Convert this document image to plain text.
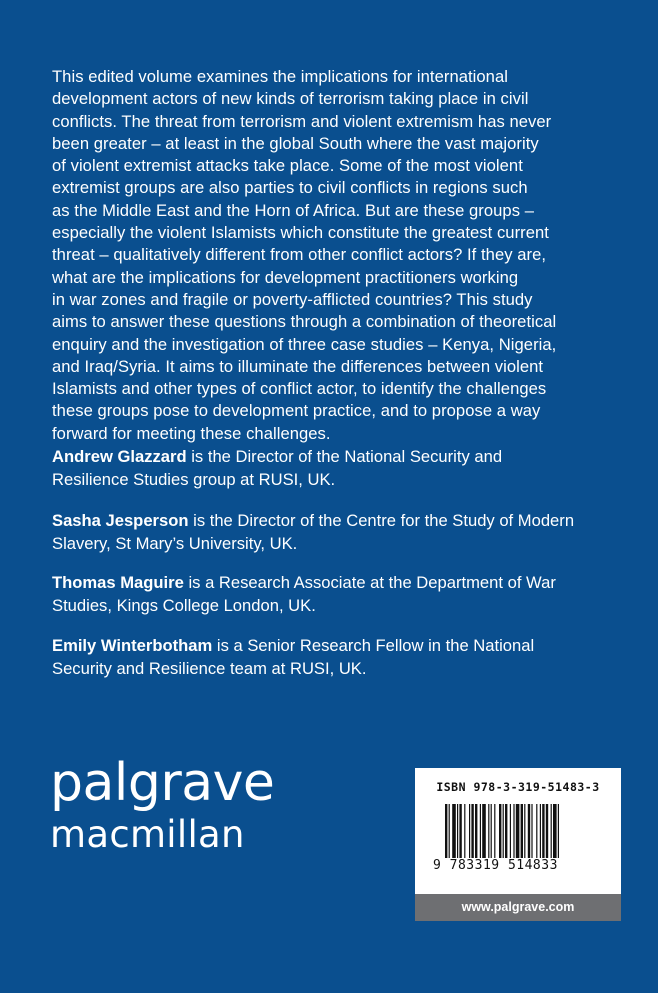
This edited volume examines the implications for international

development actors of new kinds of terrorism taking place in civil

conflicts. The threat from terrorism and violent extremism has never

been greater – at least in the global South where the vast majority

of violent extremist attacks take place. Some of the most violent

extremist groups are also parties to civil conflicts in regions such

as the Middle East and the Horn of Africa. But are these groups –

especially the violent Islamists which constitute the greatest current

threat – qualitatively different from other conflict actors? If they are,

what are the implications for development practitioners working

in war zones and fragile or poverty-afflicted countries? This study

aims to answer these questions through a combination of theoretical

enquiry and the investigation of three case studies – Kenya, Nigeria,

and Iraq/Syria. It aims to illuminate the differences between violent

Islamists and other types of conflict actor, to identify the challenges

these groups pose to development practice, and to propose a way

forward for meeting these challenges.

Andrew Glazzard is the Director of the National Security and
Resilience Studies group at RUSI, UK.
Sasha Jesperson is the Director of the Centre for the Study of Modern
Slavery, St Mary’s University, UK.
Thomas Maguire is a Research Associate at the Department of War
Studies, Kings College London, UK.
Emily Winterbotham is a Senior Research Fellow in the National
Security and Resilience team at RUSI, UK.
palgrave
macmillan
ISBN 978-3-319-51483-3
9 783319 514833
www.palgrave.com
